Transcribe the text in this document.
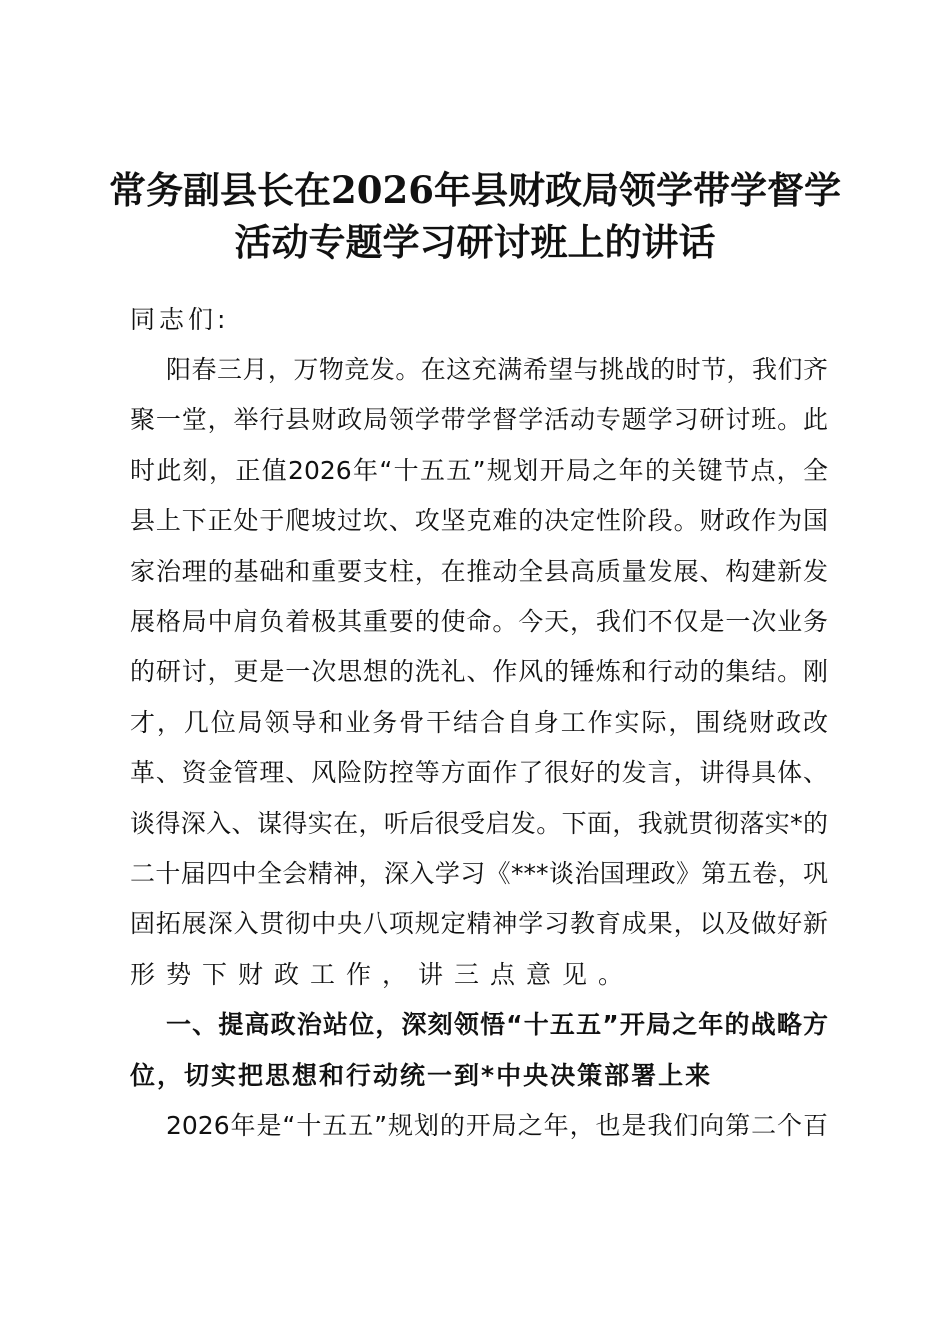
常务副县长在2026年县财政局领学带学督学
活动专题学习研讨班上的讲话
同志们:
阳春三月，万物竞发。在这充满希望与挑战的时节，我们齐
聚一堂，举行县财政局领学带学督学活动专题学习研讨班。此
时此刻，正值2026年“十五五”规划开局之年的关键节点，全
县上下正处于爬坡过坎、攻坚克难的决定性阶段。财政作为国
家治理的基础和重要支柱，在推动全县高质量发展、构建新发
展格局中肩负着极其重要的使命。今天，我们不仅是一次业务
的研讨，更是一次思想的洗礼、作风的锤炼和行动的集结。刚
才，几位局领导和业务骨干结合自身工作实际，围绕财政改
革、资金管理、风险防控等方面作了很好的发言，讲得具体、
谈得深入、谋得实在，听后很受启发。下面，我就贯彻落实*的
二十届四中全会精神，深入学习《***谈治国理政》第五卷，巩
固拓展深入贯彻中央八项规定精神学习教育成果，以及做好新
形势下财政工作，讲三点意见。
一、提高政治站位，深刻领悟“十五五”开局之年的战略方
位，切实把思想和行动统一到*中央决策部署上来
2026年是“十五五”规划的开局之年，也是我们向第二个百
